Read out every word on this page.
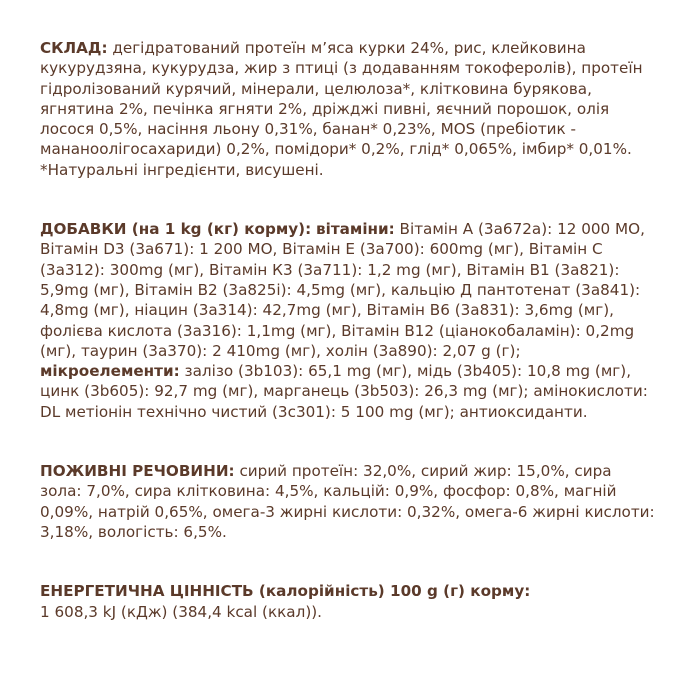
СКЛАД: дегідратований протеїн м’яса курки 24%, рис, клейковина кукурудзяна, кукурудза, жир з птиці (з додаванням токоферолів), протеїн гідролізований курячий, мінерали, целюлоза*, клітковина бурякова, ягнятина 2%, печінка ягняти 2%, дріжджі пивні, яєчний порошок, олія лосося 0,5%, насіння льону 0,31%, банан* 0,23%, MOS (пребіотик - мананоолігосахариди) 0,2%, помідори* 0,2%, глід* 0,065%, імбир* 0,01%.

*Натуральні інгредієнти, висушені.

ДОБАВКИ (на 1 kg (кг) корму): вітаміни: Вітамін А (3a672a): 12 000 МО, Вітамін D3 (3a671): 1 200 МО, Вітамін Е (3a700): 600mg (мг), Вітамін С (3a312): 300mg (мг), Вітамін К3 (3a711): 1,2 mg (мг), Вітамін В1 (3a821): 5,9mg (мг), Вітамін В2 (3a825i): 4,5mg (мг), кальцію Д пантотенат (3a841): 4,8mg (мг), ніацин (3a314): 42,7mg (мг), Вітамін В6 (3a831): 3,6mg (мг), фолієва кислота (3a316): 1,1mg (мг), Вітамін В12 (ціанокобаламін): 0,2mg (мг), таурин (3a370): 2 410mg (мг), холін (3a890): 2,07 g (г); мікроелементи: залізо (3b103): 65,1 mg (мг), мідь (3b405): 10,8 mg (мг), цинк (3b605): 92,7 mg (мг), марганець (3b503): 26,3 mg (мг); амінокислоти: DL метіонін технічно чистий (3c301): 5 100 mg (мг); антиоксиданти.

ПОЖИВНІ РЕЧОВИНИ: сирий протеїн: 32,0%, сирий жир: 15,0%, сира зола: 7,0%, сира клітковина: 4,5%, кальцій: 0,9%, фосфор: 0,8%, магній 0,09%, натрій 0,65%, омега-3 жирні кислоти: 0,32%, омега-6 жирні кислоти: 3,18%, вологість: 6,5%.

ЕНЕРГЕТИЧНА ЦІННІСТЬ (калорійність) 100 g (г) корму:

1 608,3 kJ (кДж) (384,4 kcal (ккал)).
